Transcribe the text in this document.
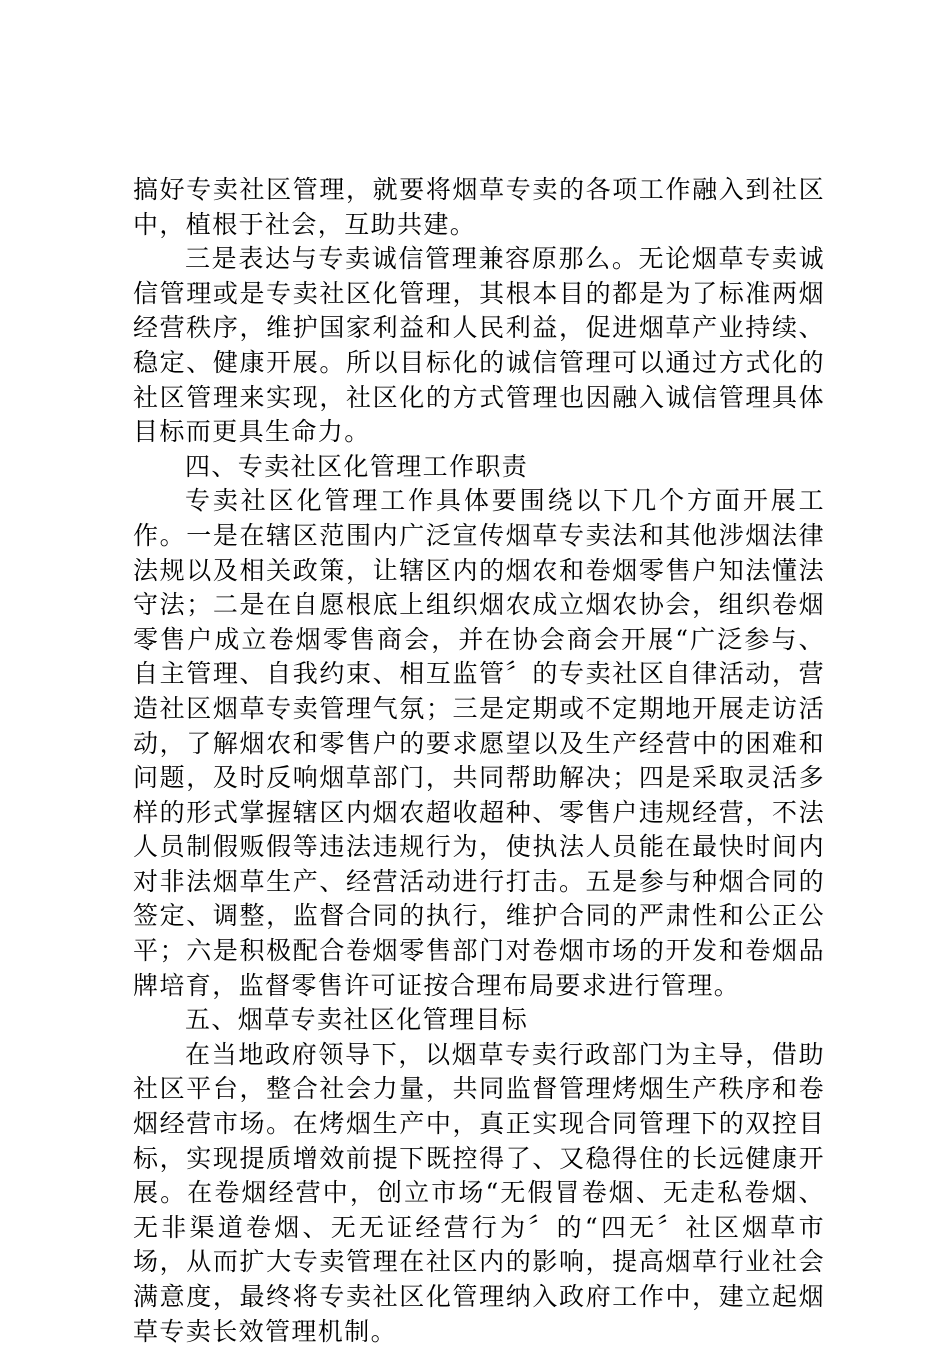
搞好专卖社区管理，就要将烟草专卖的各项工作融入到社区中，植根于社会，互助共建。

三是表达与专卖诚信管理兼容原那么。无论烟草专卖诚信管理或是专卖社区化管理，其根本目的都是为了标准两烟经营秩序，维护国家利益和人民利益，促进烟草产业持续、稳定、健康开展。所以目标化的诚信管理可以通过方式化的社区管理来实现，社区化的方式管理也因融入诚信管理具体目标而更具生命力。

四、专卖社区化管理工作职责

专卖社区化管理工作具体要围绕以下几个方面开展工作。一是在辖区范围内广泛宣传烟草专卖法和其他涉烟法律法规以及相关政策，让辖区内的烟农和卷烟零售户知法懂法守法；二是在自愿根底上组织烟农成立烟农协会，组织卷烟零售户成立卷烟零售商会，并在协会商会开展“广泛参与、自主管理、自我约束、相互监管〞的专卖社区自律活动，营造社区烟草专卖管理气氛；三是定期或不定期地开展走访活动，了解烟农和零售户的要求愿望以及生产经营中的困难和问题，及时反响烟草部门，共同帮助解决；四是采取灵活多样的形式掌握辖区内烟农超收超种、零售户违规经营，不法人员制假贩假等违法违规行为，使执法人员能在最快时间内对非法烟草生产、经营活动进行打击。五是参与种烟合同的签定、调整，监督合同的执行，维护合同的严肃性和公正公平；六是积极配合卷烟零售部门对卷烟市场的开发和卷烟品牌培育，监督零售许可证按合理布局要求进行管理。

五、烟草专卖社区化管理目标

在当地政府领导下，以烟草专卖行政部门为主导，借助社区平台，整合社会力量，共同监督管理烤烟生产秩序和卷烟经营市场。在烤烟生产中，真正实现合同管理下的双控目标，实现提质增效前提下既控得了、又稳得住的长远健康开展。在卷烟经营中，创立市场“无假冒卷烟、无走私卷烟、无非渠道卷烟、无无证经营行为〞的“四无〞社区烟草市场，从而扩大专卖管理在社区内的影响，提高烟草行业社会满意度，最终将专卖社区化管理纳入政府工作中，建立起烟草专卖长效管理机制。
